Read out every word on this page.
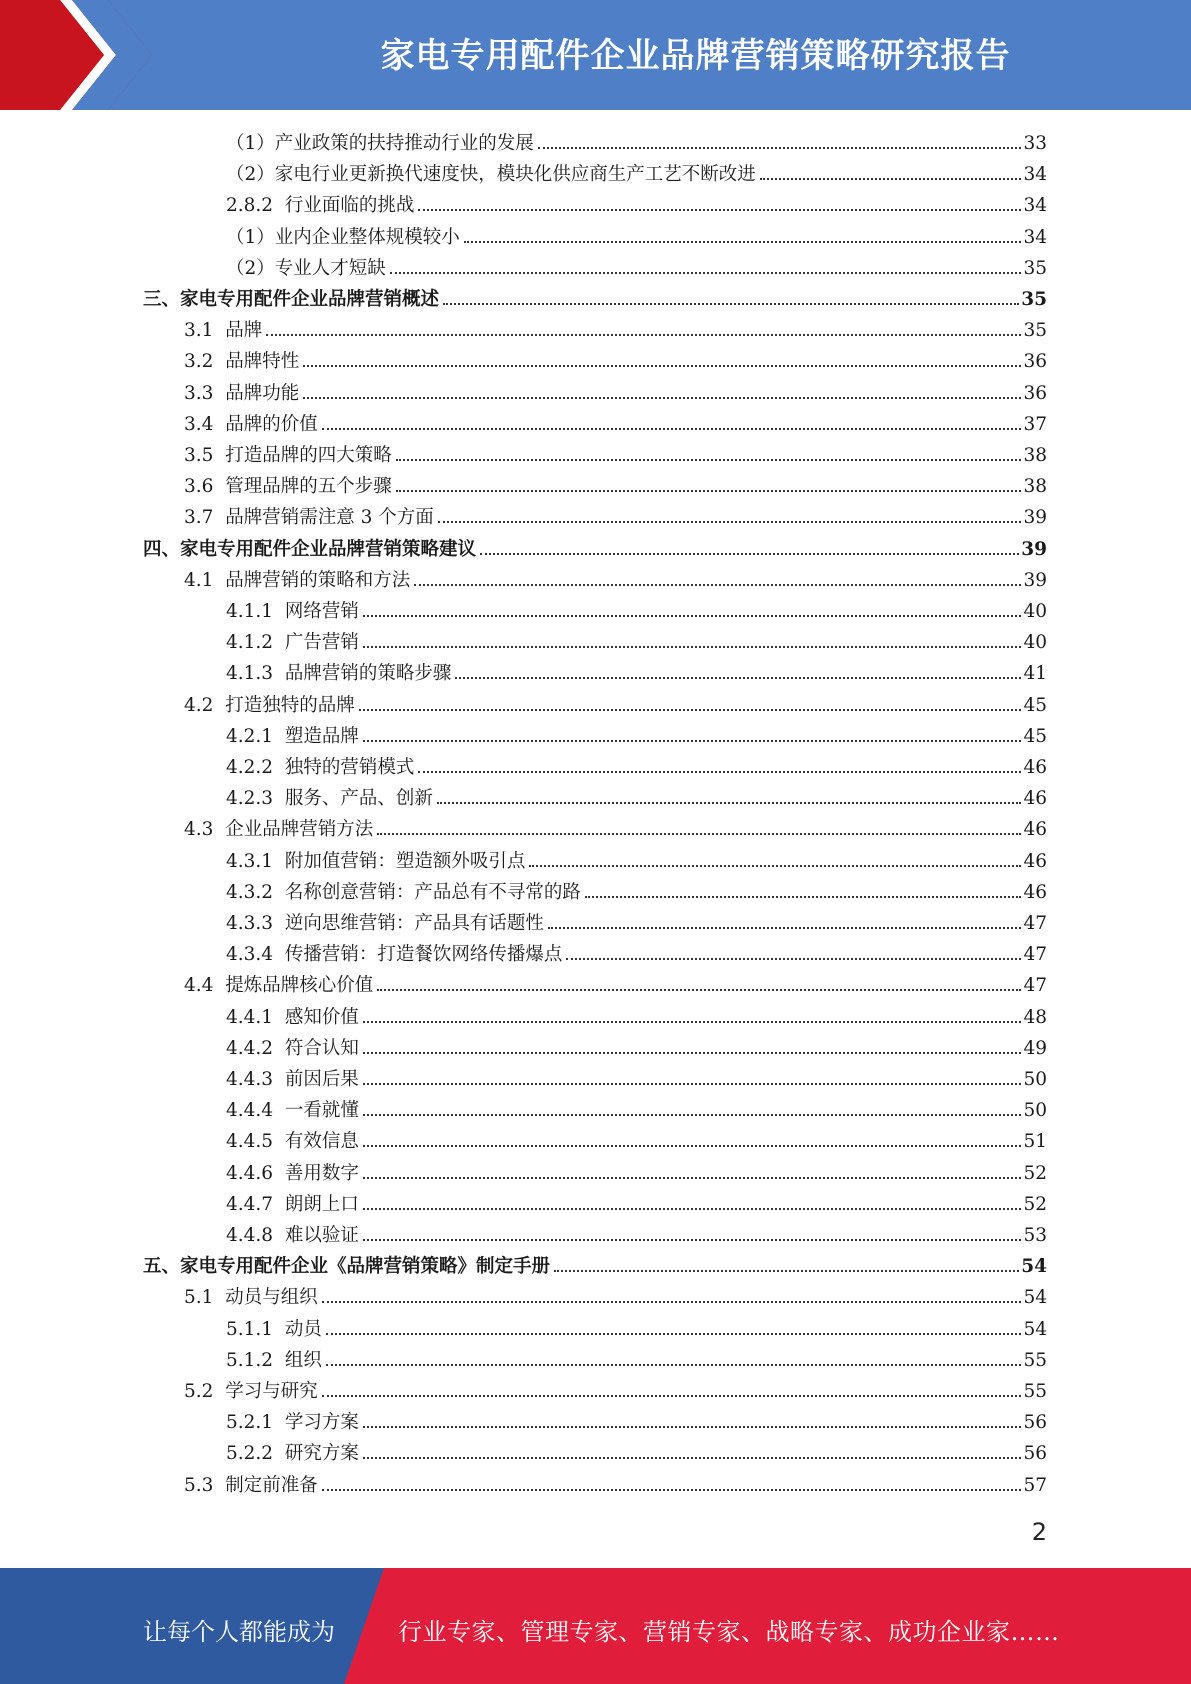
家电专用配件企业品牌营销策略研究报告
（1） 产业政策的扶持推动行业的发展	33
（2） 家电行业更新换代速度快，模块化供应商生产工艺不断改进	34
2.8.2 行业面临的挑战	34
（1） 业内企业整体规模较小	34
（2） 专业人才短缺	35
三、 家电专用配件企业品牌营销概述	35
3.1 品牌	35
3.2 品牌特性	36
3.3 品牌功能	36
3.4 品牌的价值	37
3.5 打造品牌的四大策略	38
3.6 管理品牌的五个步骤	38
3.7 品牌营销需注意 3 个方面	39
四、 家电专用配件企业品牌营销策略建议	39
4.1 品牌营销的策略和方法	39
4.1.1 网络营销	40
4.1.2 广告营销	40
4.1.3 品牌营销的策略步骤	41
4.2 打造独特的品牌	45
4.2.1 塑造品牌	45
4.2.2 独特的营销模式	46
4.2.3 服务、产品、创新	46
4.3 企业品牌营销方法	46
4.3.1 附加值营销：塑造额外吸引点	46
4.3.2 名称创意营销：产品总有不寻常的路	46
4.3.3 逆向思维营销：产品具有话题性	47
4.3.4 传播营销：打造餐饮网络传播爆点	47
4.4 提炼品牌核心价值	47
4.4.1 感知价值	48
4.4.2 符合认知	49
4.4.3 前因后果	50
4.4.4 一看就懂	50
4.4.5 有效信息	51
4.4.6 善用数字	52
4.4.7 朗朗上口	52
4.4.8 难以验证	53
五、 家电专用配件企业《品牌营销策略》制定手册	54
5.1 动员与组织	54
5.1.1 动员	54
5.1.2 组织	55
5.2 学习与研究	55
5.2.1 学习方案	56
5.2.2 研究方案	56
5.3 制定前准备	57
2
让每个人都能成为	行业专家、管理专家、营销专家、战略专家、成功企业家……
